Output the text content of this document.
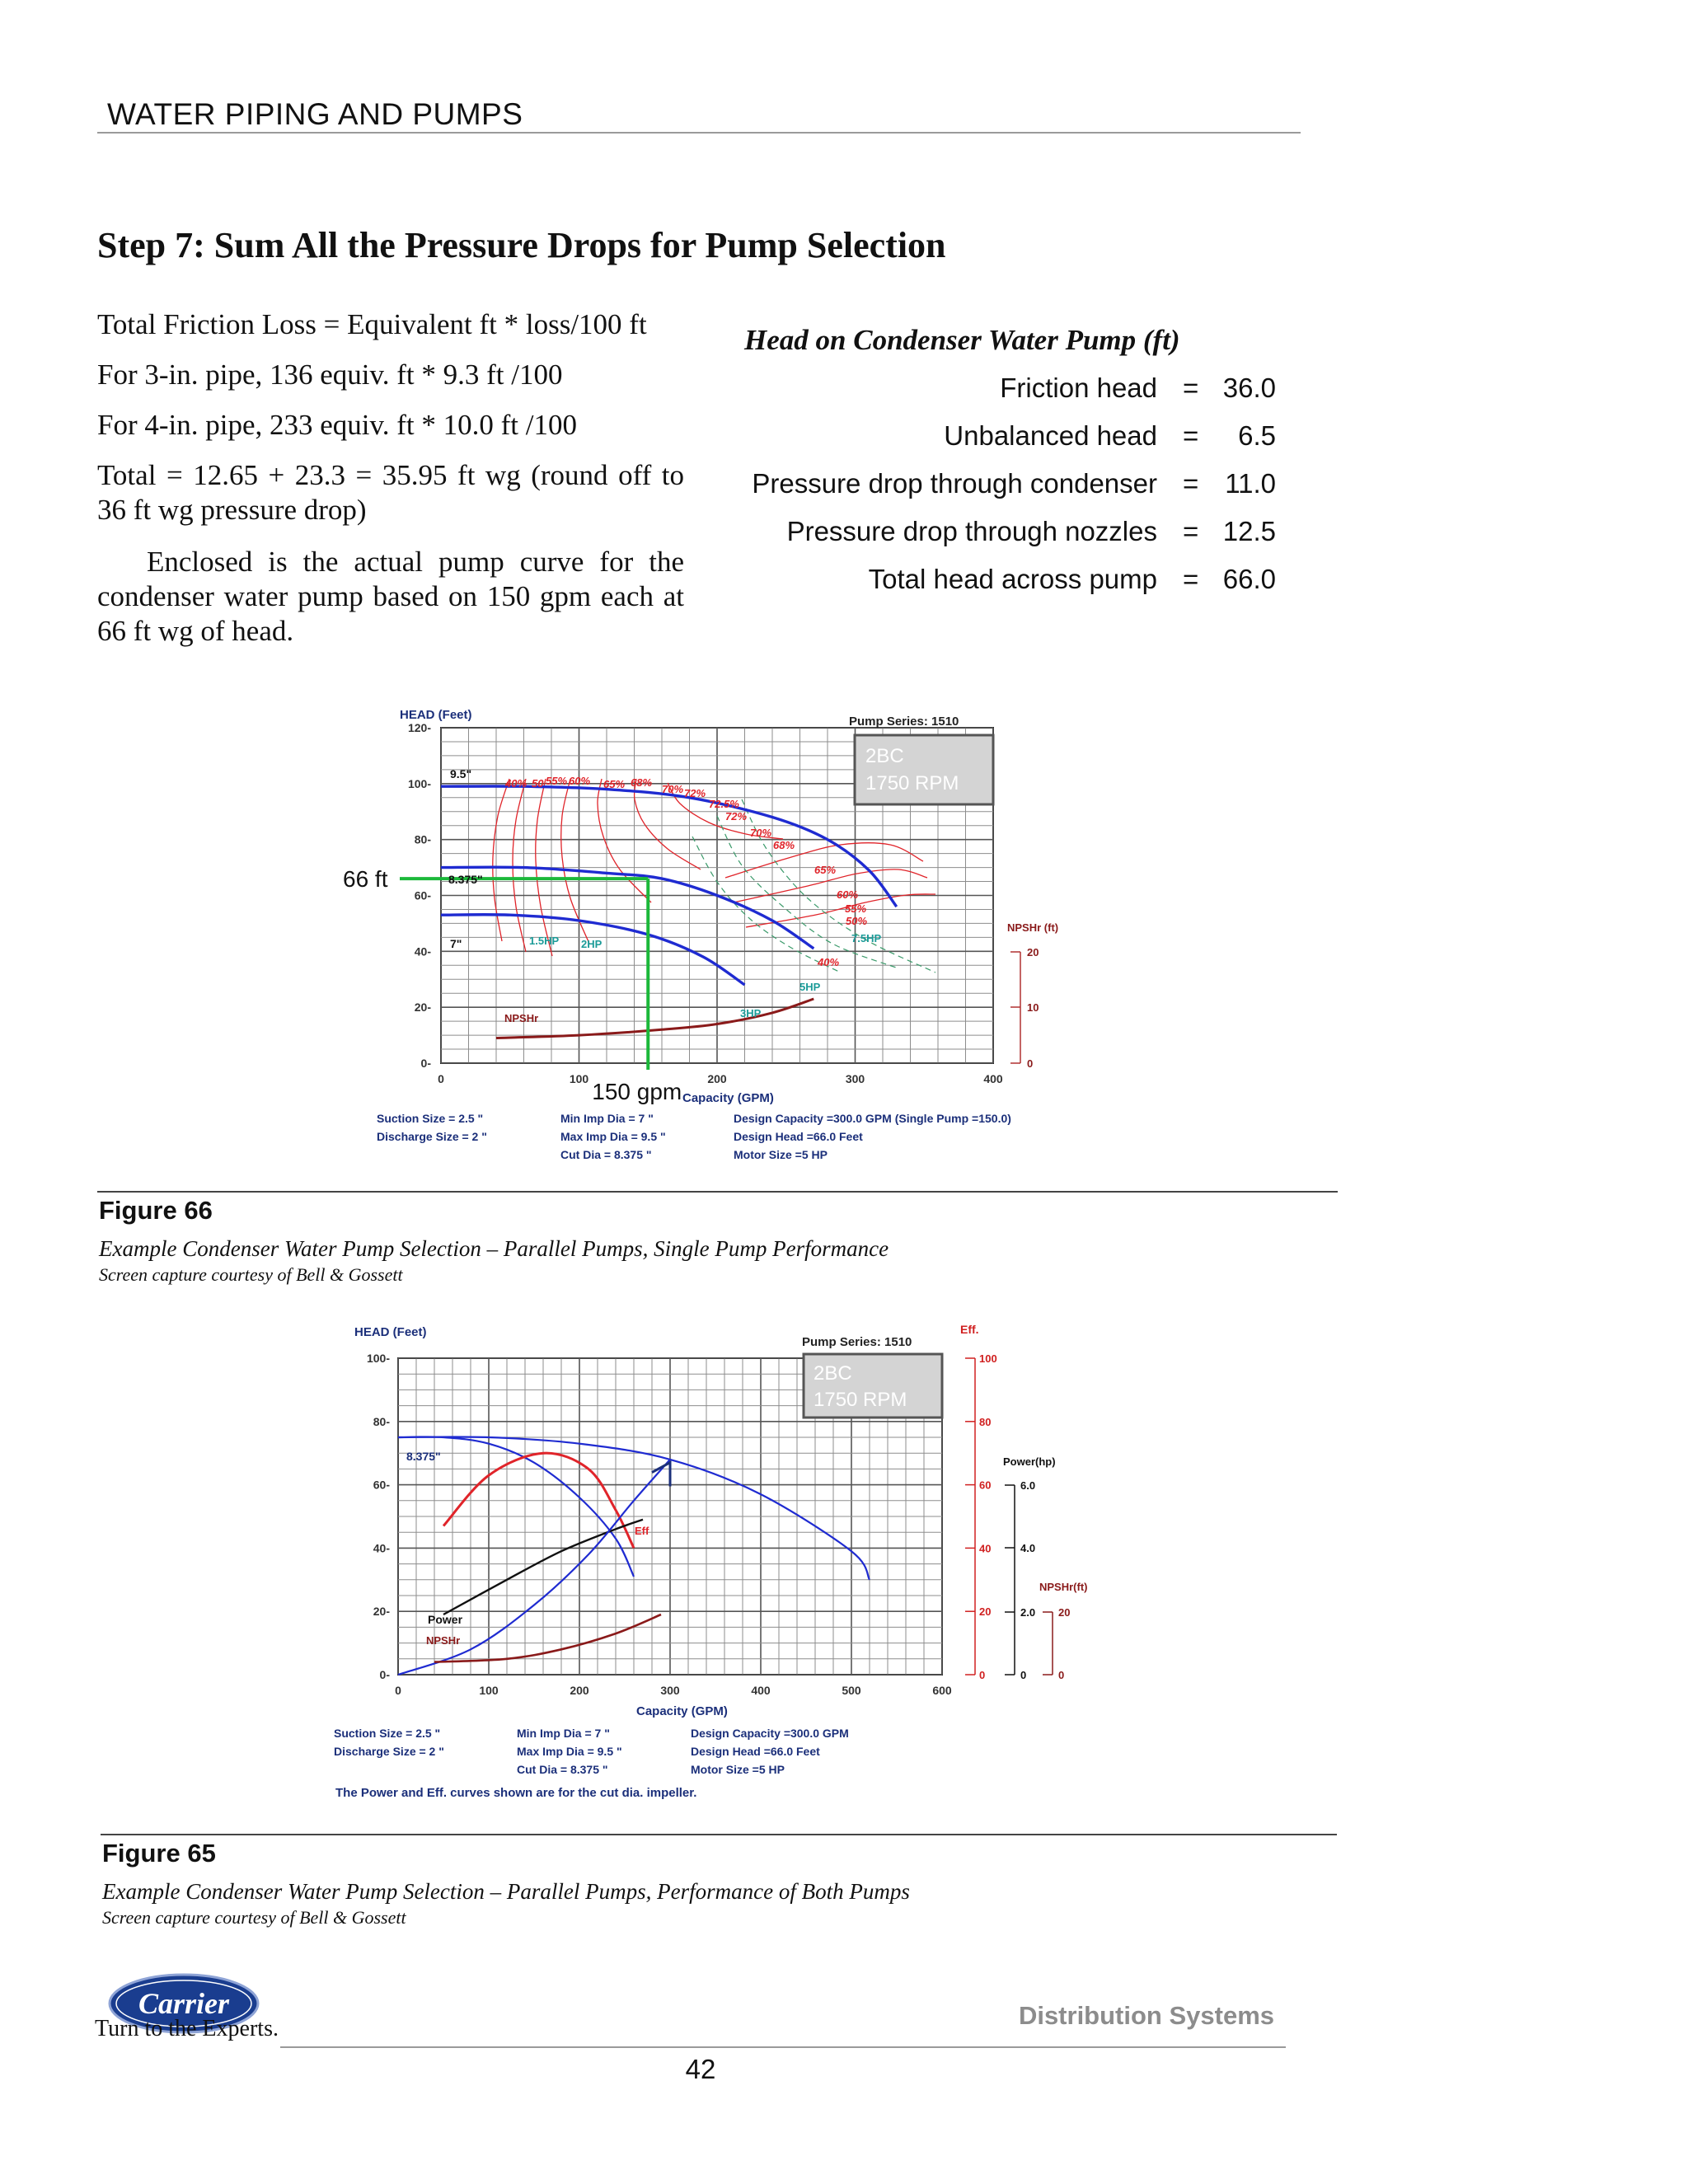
WATER PIPING AND PUMPS
Step 7: Sum All the Pressure Drops for Pump Selection
Total Friction Loss = Equivalent ft * loss/100 ft
For 3-in. pipe, 136 equiv. ft * 9.3 ft /100
For 4-in. pipe, 233 equiv. ft * 10.0 ft /100
Total = 12.65 + 23.3 = 35.95 ft wg (round off to 36 ft wg pressure drop)
Enclosed is the actual pump curve for the condenser water pump based on 150 gpm each at 66 ft wg of head.
Head on Condenser Water Pump (ft)
Friction head = 36.0
Unbalanced head = 6.5
Pressure drop through condenser = 11.0
Pressure drop through nozzles = 12.5
Total head across pump = 66.0
0-
20-
40-
60-
80-
100-
120-
0	100	200	300	400
HEAD (Feet)
Capacity (GPM)
Pump Series: 1510
2BC
1750 RPM
9.5"
8.375"
7"
40% 50 55% 60% 65% 68%
70% 72%
72.5%
72%
70%
68%
65%
60%
55%
50%
40%
1.5HP 2HP
3HP
5HP
7.5HP
NPSHr
66 ft
150 gpm
NPSHr (ft)
0
10
20
Suction Size = 2.5 "
Discharge Size = 2 "
Min Imp Dia = 7 "
Max Imp Dia = 9.5 "
Cut Dia = 8.375 "
Design Capacity =300.0 GPM (Single Pump =150.0)
Design Head =66.0 Feet
Motor Size =5 HP
Figure 66
Example Condenser Water Pump Selection – Parallel Pumps, Single Pump Performance
Screen capture courtesy of Bell & Gossett
0-
20-
40-
60-
80-
100-
0	100	200	300	400	500	600
HEAD (Feet)
Capacity (GPM)
Pump Series: 1510
2BC
1750 RPM
8.375"
Eff
Power
NPSHr
Eff.
0
20
40
60
80
100
Power(hp)
0
2.0
4.0
6.0
NPSHr(ft)
0
20
Suction Size = 2.5 "
Discharge Size = 2 "
Min Imp Dia = 7 "
Max Imp Dia = 9.5 "
Cut Dia = 8.375 "
Design Capacity =300.0 GPM
Design Head =66.0 Feet
Motor Size =5 HP
The Power and Eff. curves shown are for the cut dia. impeller.
Figure 65
Example Condenser Water Pump Selection – Parallel Pumps, Performance of Both Pumps
Screen capture courtesy of Bell & Gossett
Carrier
Turn to the Experts.	Distribution Systems
42
